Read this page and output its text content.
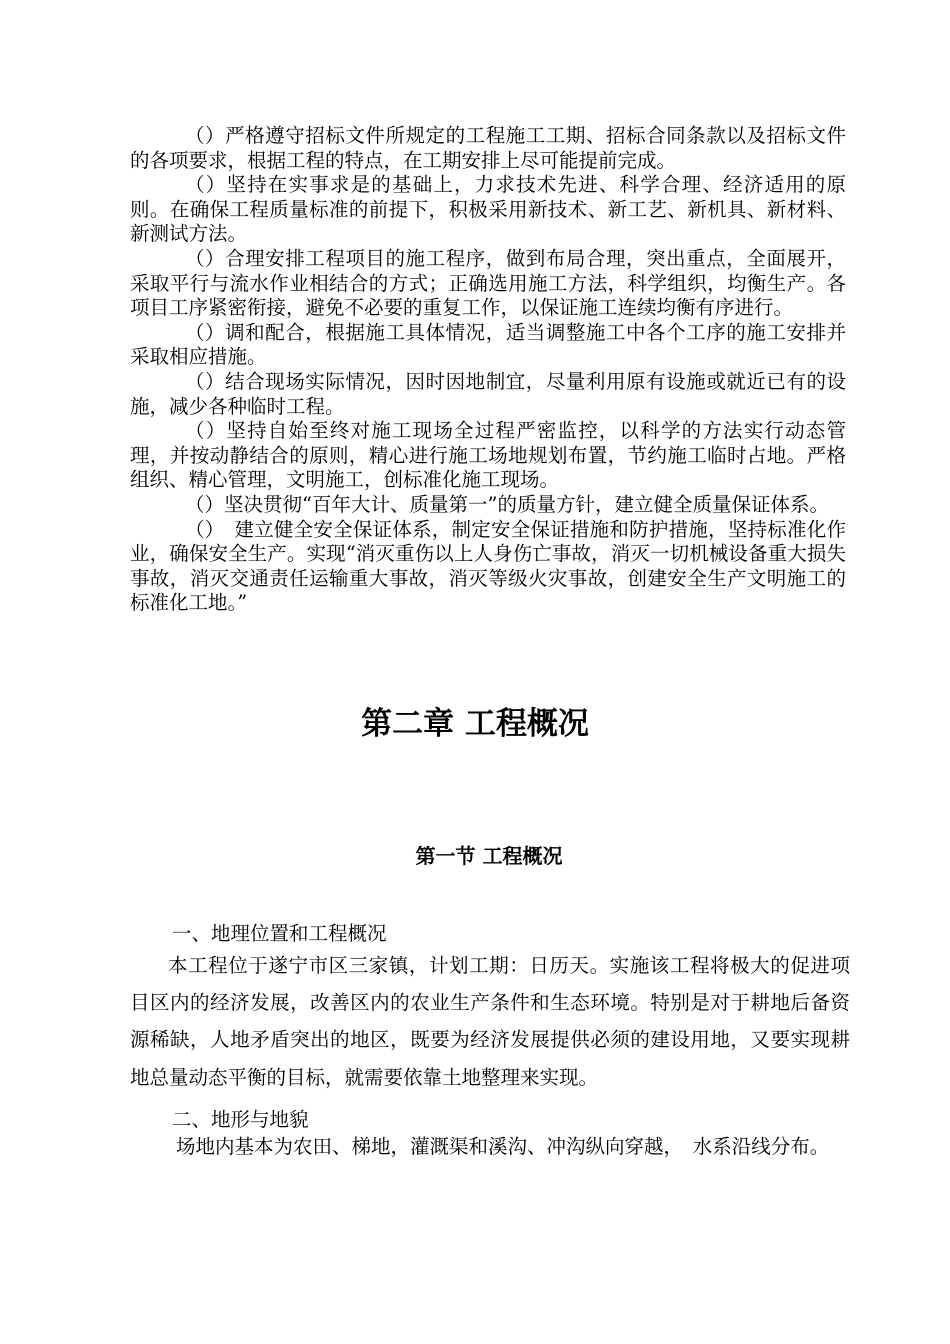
（）严格遵守招标文件所规定的工程施工工期、招标合同条款以及招标文件的各项要求，根据工程的特点，在工期安排上尽可能提前完成。

（）坚持在实事求是的基础上，力求技术先进、科学合理、经济适用的原则。在确保工程质量标准的前提下，积极采用新技术、新工艺、新机具、新材料、新测试方法。

（）合理安排工程项目的施工程序，做到布局合理，突出重点，全面展开，采取平行与流水作业相结合的方式；正确选用施工方法，科学组织，均衡生产。各项目工序紧密衔接，避免不必要的重复工作，以保证施工连续均衡有序进行。

（）调和配合，根据施工具体情况，适当调整施工中各个工序的施工安排并采取相应措施。

（）结合现场实际情况，因时因地制宜，尽量利用原有设施或就近已有的设施，减少各种临时工程。

（）坚持自始至终对施工现场全过程严密监控，以科学的方法实行动态管理，并按动静结合的原则，精心进行施工场地规划布置，节约施工临时占地。严格组织、精心管理，文明施工，创标准化施工现场。

（）坚决贯彻“百年大计、质量第一”的质量方针，建立健全质量保证体系。

（）　建立健全安全保证体系，制定安全保证措施和防护措施，坚持标准化作业，确保安全生产。实现“消灭重伤以上人身伤亡事故，消灭一切机械设备重大损失事故，消灭交通责任运输重大事故，消灭等级火灾事故，创建安全生产文明施工的标准化工地。”

第二章 工程概况
第一节 工程概况

一、地理位置和工程概况

本工程位于遂宁市区三家镇，计划工期：日历天。实施该工程将极大的促进项目区内的经济发展，改善区内的农业生产条件和生态环境。特别是对于耕地后备资源稀缺，人地矛盾突出的地区，既要为经济发展提供必须的建设用地，又要实现耕地总量动态平衡的目标，就需要依靠土地整理来实现。

二、地形与地貌

场地内基本为农田、梯地，灌溉渠和溪沟、冲沟纵向穿越，　水系沿线分布。
